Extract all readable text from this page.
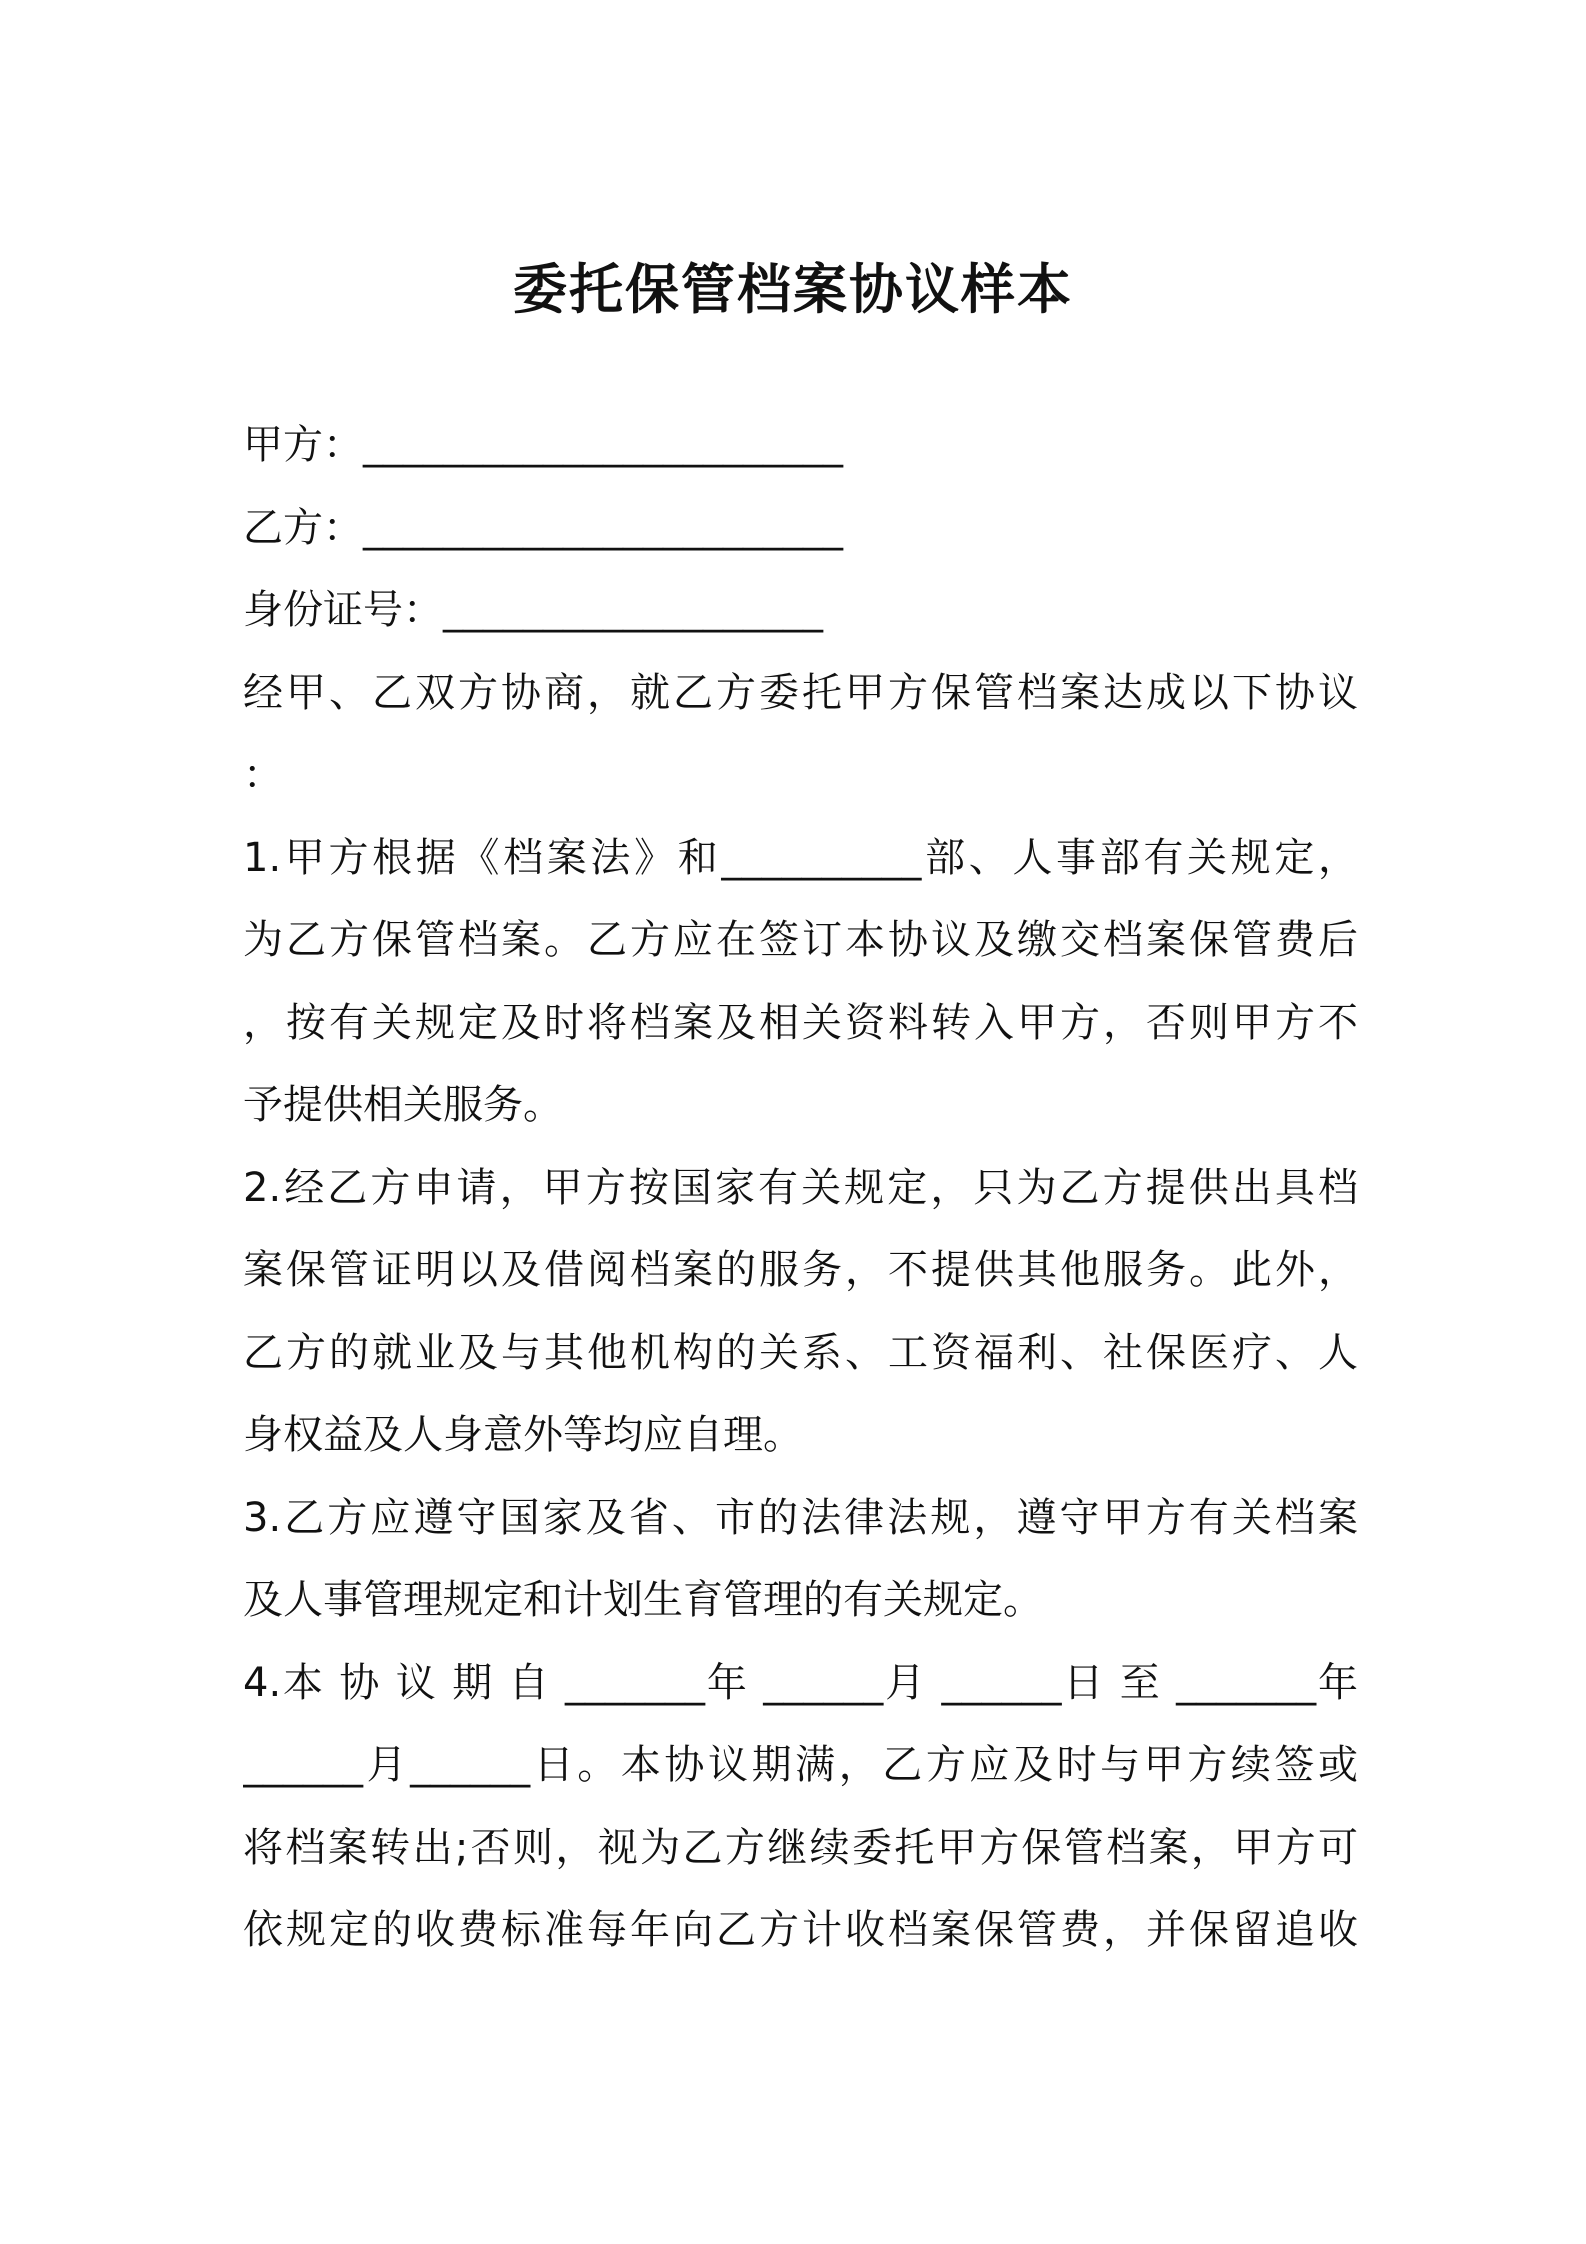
委托保管档案协议样本
甲方：________________________
乙方：________________________
身份证号：___________________
经甲、乙双方协商，就乙方委托甲方保管档案达成以下协议
：
1.甲方根据《档案法》和__________部、人事部有关规定，
为乙方保管档案。乙方应在签订本协议及缴交档案保管费后
，按有关规定及时将档案及相关资料转入甲方，否则甲方不
予提供相关服务。
2.经乙方申请，甲方按国家有关规定，只为乙方提供出具档
案保管证明以及借阅档案的服务，不提供其他服务。此外，
乙方的就业及与其他机构的关系、工资福利、社保医疗、人
身权益及人身意外等均应自理。
3.乙方应遵守国家及省、市的法律法规，遵守甲方有关档案
及人事管理规定和计划生育管理的有关规定。
4.本 协 议 期 自 _______年 ______月 ______日 至 _______年
______月______日。本协议期满，乙方应及时与甲方续签或
将档案转出;否则，视为乙方继续委托甲方保管档案，甲方可
依规定的收费标准每年向乙方计收档案保管费，并保留追收
